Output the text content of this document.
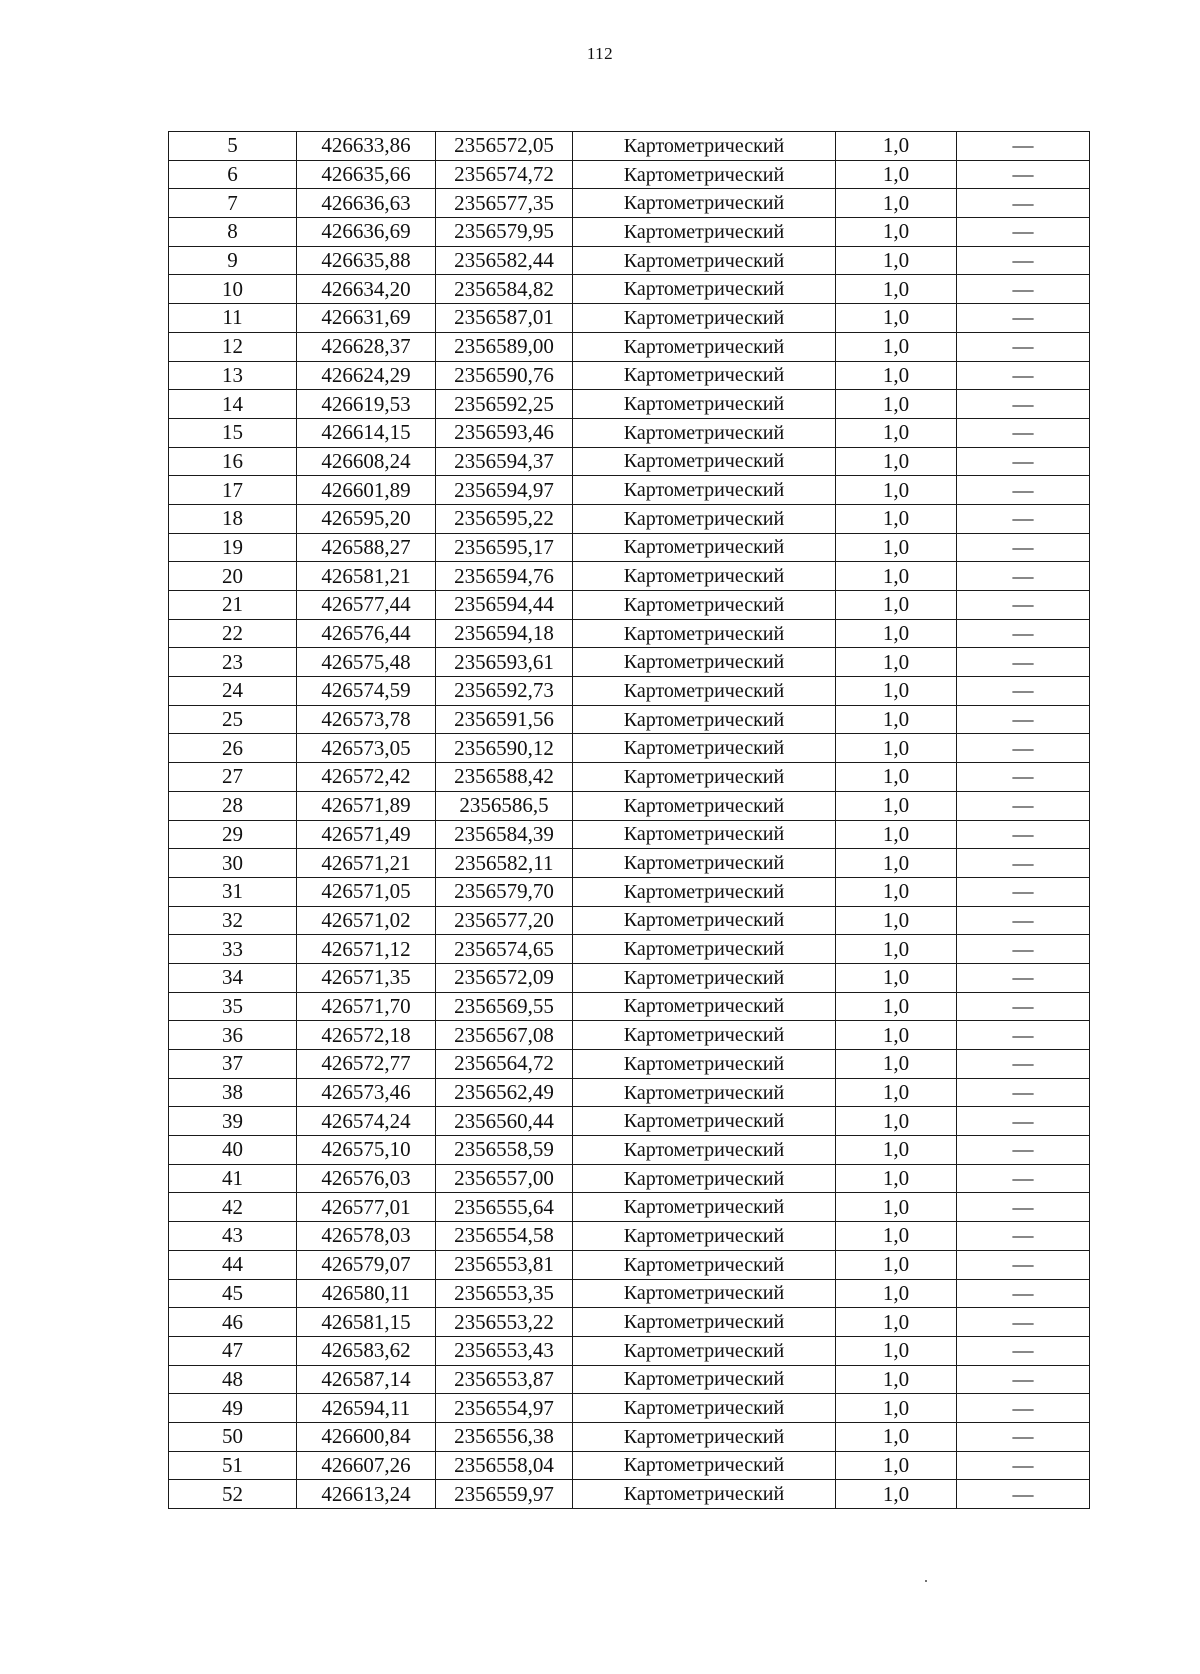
112
5	426633,86	2356572,05	Картометрический	1,0	—
6	426635,66	2356574,72	Картометрический	1,0	—
7	426636,63	2356577,35	Картометрический	1,0	—
8	426636,69	2356579,95	Картометрический	1,0	—
9	426635,88	2356582,44	Картометрический	1,0	—
10	426634,20	2356584,82	Картометрический	1,0	—
11	426631,69	2356587,01	Картометрический	1,0	—
12	426628,37	2356589,00	Картометрический	1,0	—
13	426624,29	2356590,76	Картометрический	1,0	—
14	426619,53	2356592,25	Картометрический	1,0	—
15	426614,15	2356593,46	Картометрический	1,0	—
16	426608,24	2356594,37	Картометрический	1,0	—
17	426601,89	2356594,97	Картометрический	1,0	—
18	426595,20	2356595,22	Картометрический	1,0	—
19	426588,27	2356595,17	Картометрический	1,0	—
20	426581,21	2356594,76	Картометрический	1,0	—
21	426577,44	2356594,44	Картометрический	1,0	—
22	426576,44	2356594,18	Картометрический	1,0	—
23	426575,48	2356593,61	Картометрический	1,0	—
24	426574,59	2356592,73	Картометрический	1,0	—
25	426573,78	2356591,56	Картометрический	1,0	—
26	426573,05	2356590,12	Картометрический	1,0	—
27	426572,42	2356588,42	Картометрический	1,0	—
28	426571,89	2356586,5	Картометрический	1,0	—
29	426571,49	2356584,39	Картометрический	1,0	—
30	426571,21	2356582,11	Картометрический	1,0	—
31	426571,05	2356579,70	Картометрический	1,0	—
32	426571,02	2356577,20	Картометрический	1,0	—
33	426571,12	2356574,65	Картометрический	1,0	—
34	426571,35	2356572,09	Картометрический	1,0	—
35	426571,70	2356569,55	Картометрический	1,0	—
36	426572,18	2356567,08	Картометрический	1,0	—
37	426572,77	2356564,72	Картометрический	1,0	—
38	426573,46	2356562,49	Картометрический	1,0	—
39	426574,24	2356560,44	Картометрический	1,0	—
40	426575,10	2356558,59	Картометрический	1,0	—
41	426576,03	2356557,00	Картометрический	1,0	—
42	426577,01	2356555,64	Картометрический	1,0	—
43	426578,03	2356554,58	Картометрический	1,0	—
44	426579,07	2356553,81	Картометрический	1,0	—
45	426580,11	2356553,35	Картометрический	1,0	—
46	426581,15	2356553,22	Картометрический	1,0	—
47	426583,62	2356553,43	Картометрический	1,0	—
48	426587,14	2356553,87	Картометрический	1,0	—
49	426594,11	2356554,97	Картометрический	1,0	—
50	426600,84	2356556,38	Картометрический	1,0	—
51	426607,26	2356558,04	Картометрический	1,0	—
52	426613,24	2356559,97	Картометрический	1,0	—
